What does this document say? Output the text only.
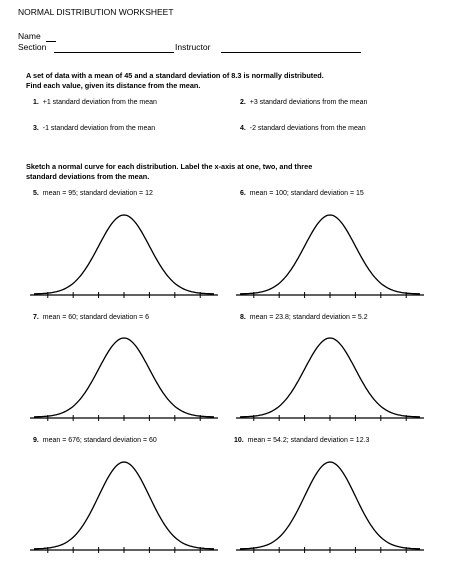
NORMAL DISTRIBUTION WORKSHEET
Name
Section	Instructor
A set of data with a mean of 45 and a standard deviation of 8.3 is normally distributed.
Find each value, given its distance from the mean.
1. +1 standard deviation from the mean	2. +3 standard deviations from the mean
3. -1 standard deviation from the mean	4. -2 standard deviations from the mean
Sketch a normal curve for each distribution. Label the x-axis at one, two, and three
standard deviations from the mean.
5. mean = 95; standard deviation = 12	6. mean = 100; standard deviation = 15
7. mean = 60; standard deviation = 6	8. mean = 23.8; standard deviation = 5.2
9. mean = 676; standard deviation = 60	10. mean = 54.2; standard deviation = 12.3
